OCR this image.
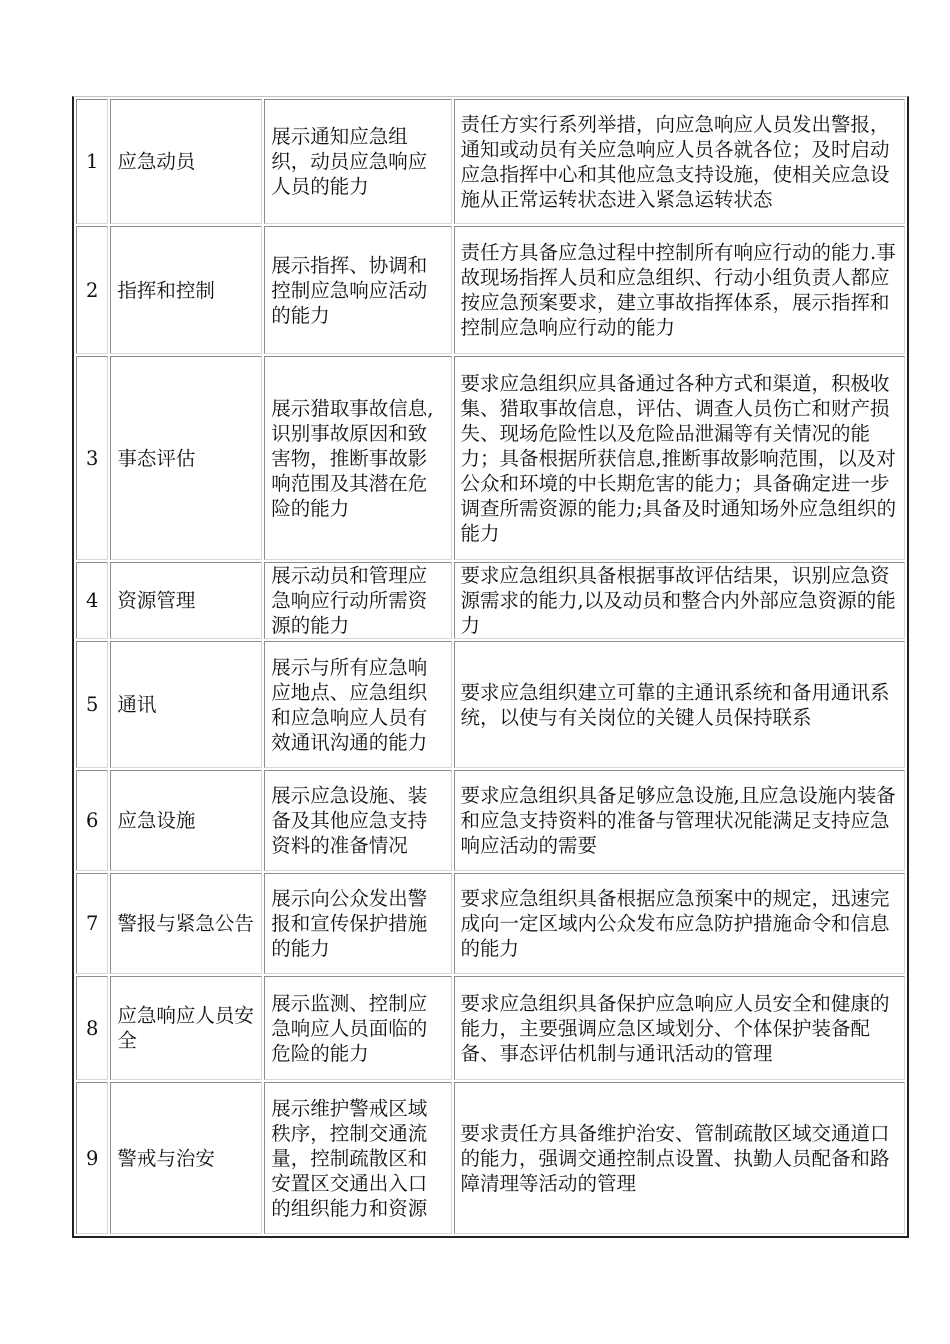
1	应急动员	展示通知应急组织，动员应急响应人员的能力	责任方实行系列举措，向应急响应人员发出警报，通知或动员有关应急响应人员各就各位；及时启动应急指挥中心和其他应急支持设施，使相关应急设施从正常运转状态进入紧急运转状态
2	指挥和控制	展示指挥、协调和控制应急响应活动的能力	责任方具备应急过程中控制所有响应行动的能力.事故现场指挥人员和应急组织、行动小组负责人都应按应急预案要求，建立事故指挥体系，展示指挥和控制应急响应行动的能力
3	事态评估	展示猎取事故信息,识别事故原因和致害物，推断事故影响范围及其潜在危险的能力	要求应急组织应具备通过各种方式和渠道，积极收集、猎取事故信息，评估、调查人员伤亡和财产损失、现场危险性以及危险品泄漏等有关情况的能力；具备根据所获信息,推断事故影响范围，以及对公众和环境的中长期危害的能力；具备确定进一步调查所需资源的能力;具备及时通知场外应急组织的能力
4	资源管理	展示动员和管理应急响应行动所需资源的能力	要求应急组织具备根据事故评估结果，识别应急资源需求的能力,以及动员和整合内外部应急资源的能力
5	通讯	展示与所有应急响应地点、应急组织和应急响应人员有效通讯沟通的能力	要求应急组织建立可靠的主通讯系统和备用通讯系统，以使与有关岗位的关键人员保持联系
6	应急设施	展示应急设施、装备及其他应急支持资料的准备情况	要求应急组织具备足够应急设施,且应急设施内装备和应急支持资料的准备与管理状况能满足支持应急响应活动的需要
7	警报与紧急公告	展示向公众发出警报和宣传保护措施的能力	要求应急组织具备根据应急预案中的规定，迅速完成向一定区域内公众发布应急防护措施命令和信息的能力
8	应急响应人员安全	展示监测、控制应急响应人员面临的危险的能力	要求应急组织具备保护应急响应人员安全和健康的能力，主要强调应急区域划分、个体保护装备配备、事态评估机制与通讯活动的管理
9	警戒与治安	展示维护警戒区域秩序，控制交通流量，控制疏散区和安置区交通出入口的组织能力和资源	要求责任方具备维护治安、管制疏散区域交通道口的能力，强调交通控制点设置、执勤人员配备和路障清理等活动的管理
